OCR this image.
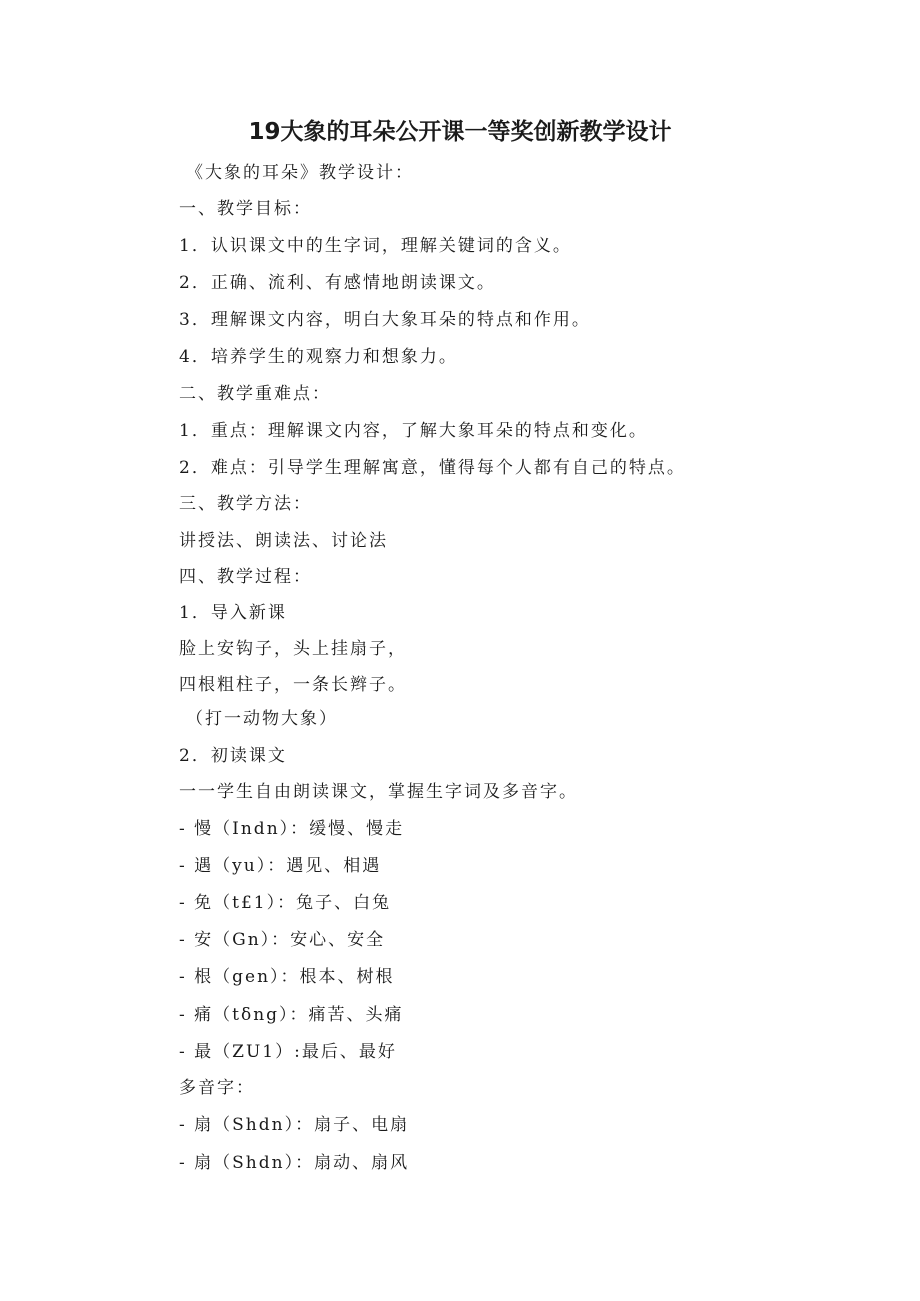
19大象的耳朵公开课一等奖创新教学设计

《大象的耳朵》教学设计：

一、教学目标：

1．认识课文中的生字词，理解关键词的含义。

2．正确、流利、有感情地朗读课文。

3．理解课文内容，明白大象耳朵的特点和作用。

4．培养学生的观察力和想象力。

二、教学重难点：

1．重点：理解课文内容，了解大象耳朵的特点和变化。

2．难点：引导学生理解寓意，懂得每个人都有自己的特点。

三、教学方法：

讲授法、朗读法、讨论法

四、教学过程：

1．导入新课

脸上安钩子，头上挂扇子，

四根粗柱子，一条长辫子。

（打一动物大象）

2．初读课文

一一学生自由朗读课文，掌握生字词及多音字。

- 慢（Indn）：缓慢、慢走

- 遇（yu）：遇见、相遇

- 免（t£1）：兔子、白兔

- 安（Gn）：安心、安全

- 根（gen）：根本、树根

- 痛（tδng）：痛苦、头痛

- 最（ZU1）:最后、最好

多音字：

- 扇（Shdn）：扇子、电扇

- 扇（Shdn）：扇动、扇风
